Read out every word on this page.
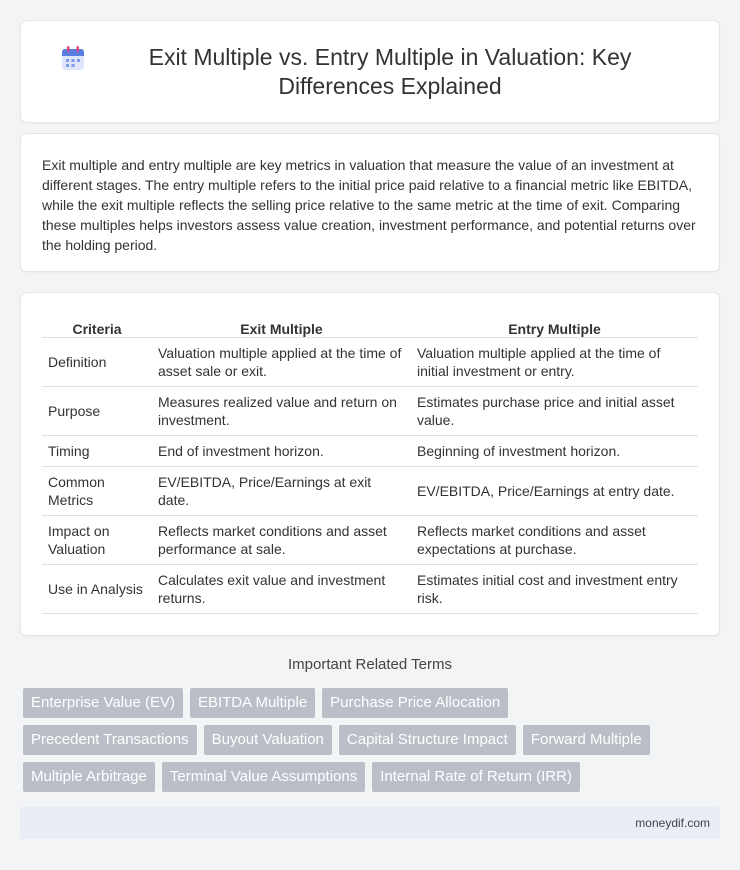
Exit Multiple vs. Entry Multiple in Valuation: Key Differences Explained

Exit multiple and entry multiple are key metrics in valuation that measure the value of an investment at different stages. The entry multiple refers to the initial price paid relative to a financial metric like EBITDA, while the exit multiple reflects the selling price relative to the same metric at the time of exit. Comparing these multiples helps investors assess value creation, investment performance, and potential returns over the holding period.

Criteria	Exit Multiple	Entry Multiple
Definition	Valuation multiple applied at the time of asset sale or exit.	Valuation multiple applied at the time of initial investment or entry.
Purpose	Measures realized value and return on investment.	Estimates purchase price and initial asset value.
Timing	End of investment horizon.	Beginning of investment horizon.
Common Metrics	EV/EBITDA, Price/Earnings at exit date.	EV/EBITDA, Price/Earnings at entry date.
Impact on Valuation	Reflects market conditions and asset performance at sale.	Reflects market conditions and asset expectations at purchase.
Use in Analysis	Calculates exit value and investment returns.	Estimates initial cost and investment entry risk.
Important Related Terms
Enterprise Value (EV)	EBITDA Multiple	Purchase Price Allocation
Precedent Transactions	Buyout Valuation	Capital Structure Impact	Forward Multiple
Multiple Arbitrage	Terminal Value Assumptions	Internal Rate of Return (IRR)
moneydif.com
